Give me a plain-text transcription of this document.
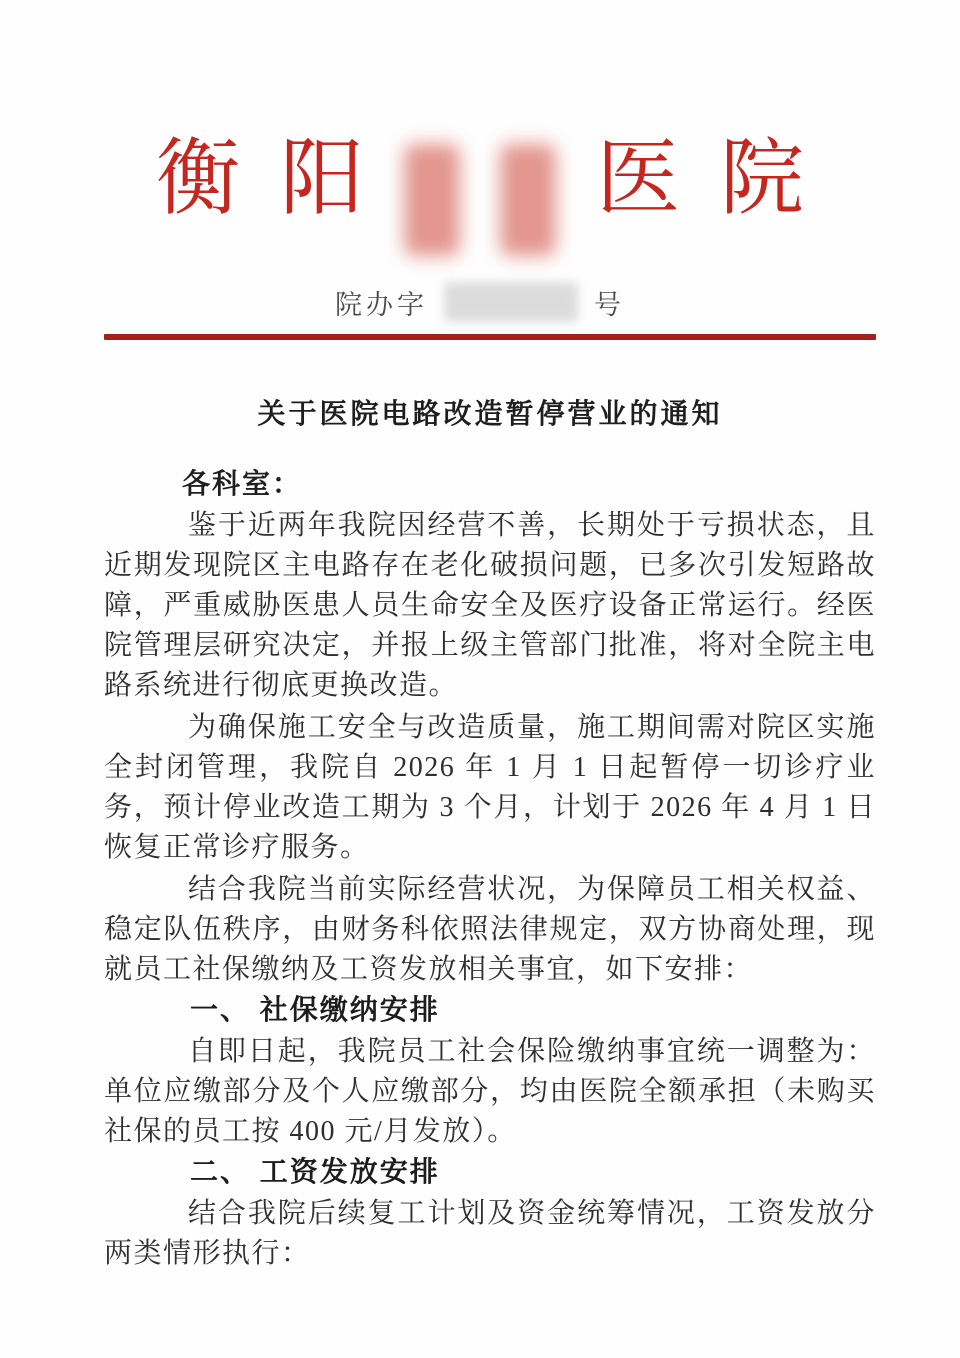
衡 阳	医 院
院办字	号
关于医院电路改造暂停营业的通知
各科室：

鉴于近两年我院因经营不善，长期处于亏损状态，且近期发现院区主电路存在老化破损问题，已多次引发短路故障，严重威胁医患人员生命安全及医疗设备正常运行。经医院管理层研究决定，并报上级主管部门批准，将对全院主电路系统进行彻底更换改造。

为确保施工安全与改造质量，施工期间需对院区实施全封闭管理，我院自 2026 年 1 月 1 日起暂停一切诊疗业务，预计停业改造工期为 3 个月，计划于 2026 年 4 月 1 日恢复正常诊疗服务。

结合我院当前实际经营状况，为保障员工相关权益、稳定队伍秩序，由财务科依照法律规定，双方协商处理，现就员工社保缴纳及工资发放相关事宜，如下安排：

一、 社保缴纳安排

自即日起，我院员工社会保险缴纳事宜统一调整为：单位应缴部分及个人应缴部分，均由医院全额承担（未购买社保的员工按 400 元/月发放）。

二、 工资发放安排

结合我院后续复工计划及资金统筹情况，工资发放分两类情形执行：
